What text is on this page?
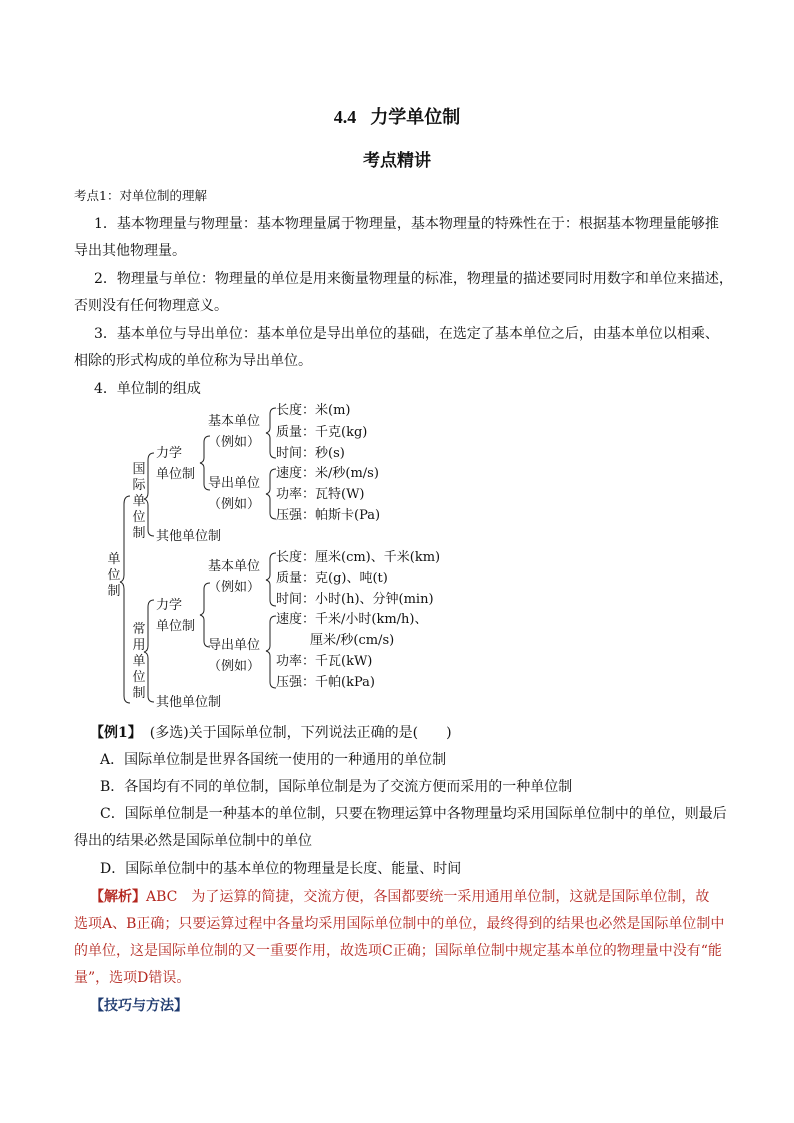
4.4 力学单位制
考点精讲
考点1：对单位制的理解
1．基本物理量与物理量：基本物理量属于物理量，基本物理量的特殊性在于：根据基本物理量能够推
导出其他物理量。
2．物理量与单位：物理量的单位是用来衡量物理量的标准，物理量的描述要同时用数字和单位来描述，
否则没有任何物理意义。
3．基本单位与导出单位：基本单位是导出单位的基础，在选定了基本单位之后，由基本单位以相乘、
相除的形式构成的单位称为导出单位。
4．单位制的组成
单
位
制
国
际
单
位
制
常
用
单
位
制
力学
单位制
其他单位制
基本单位
（例如）
导出单位
（例如）
长度：米(m)
质量：千克(kg)
时间：秒(s)
速度：米/秒(m/s)
功率：瓦特(W)
压强：帕斯卡(Pa)
力学
单位制
其他单位制
基本单位
（例如）
导出单位
（例如）
长度：厘米(cm)、千米(km)
质量：克(g)、吨(t)
时间：小时(h)、分钟(min)
速度：千米/小时(km/h)、
厘米/秒(cm/s)
功率：千瓦(kW)
压强：千帕(kPa)
【例1】 (多选)关于国际单位制，下列说法正确的是(　　)
A．国际单位制是世界各国统一使用的一种通用的单位制
B．各国均有不同的单位制，国际单位制是为了交流方便而采用的一种单位制
C．国际单位制是一种基本的单位制，只要在物理运算中各物理量均采用国际单位制中的单位，则最后
得出的结果必然是国际单位制中的单位
D．国际单位制中的基本单位的物理量是长度、能量、时间
【解析】ABC　为了运算的简捷，交流方便，各国都要统一采用通用单位制，这就是国际单位制，故
选项A、B正确；只要运算过程中各量均采用国际单位制中的单位，最终得到的结果也必然是国际单位制中
的单位，这是国际单位制的又一重要作用，故选项C正确；国际单位制中规定基本单位的物理量中没有“能
量”，选项D错误。
【技巧与方法】
